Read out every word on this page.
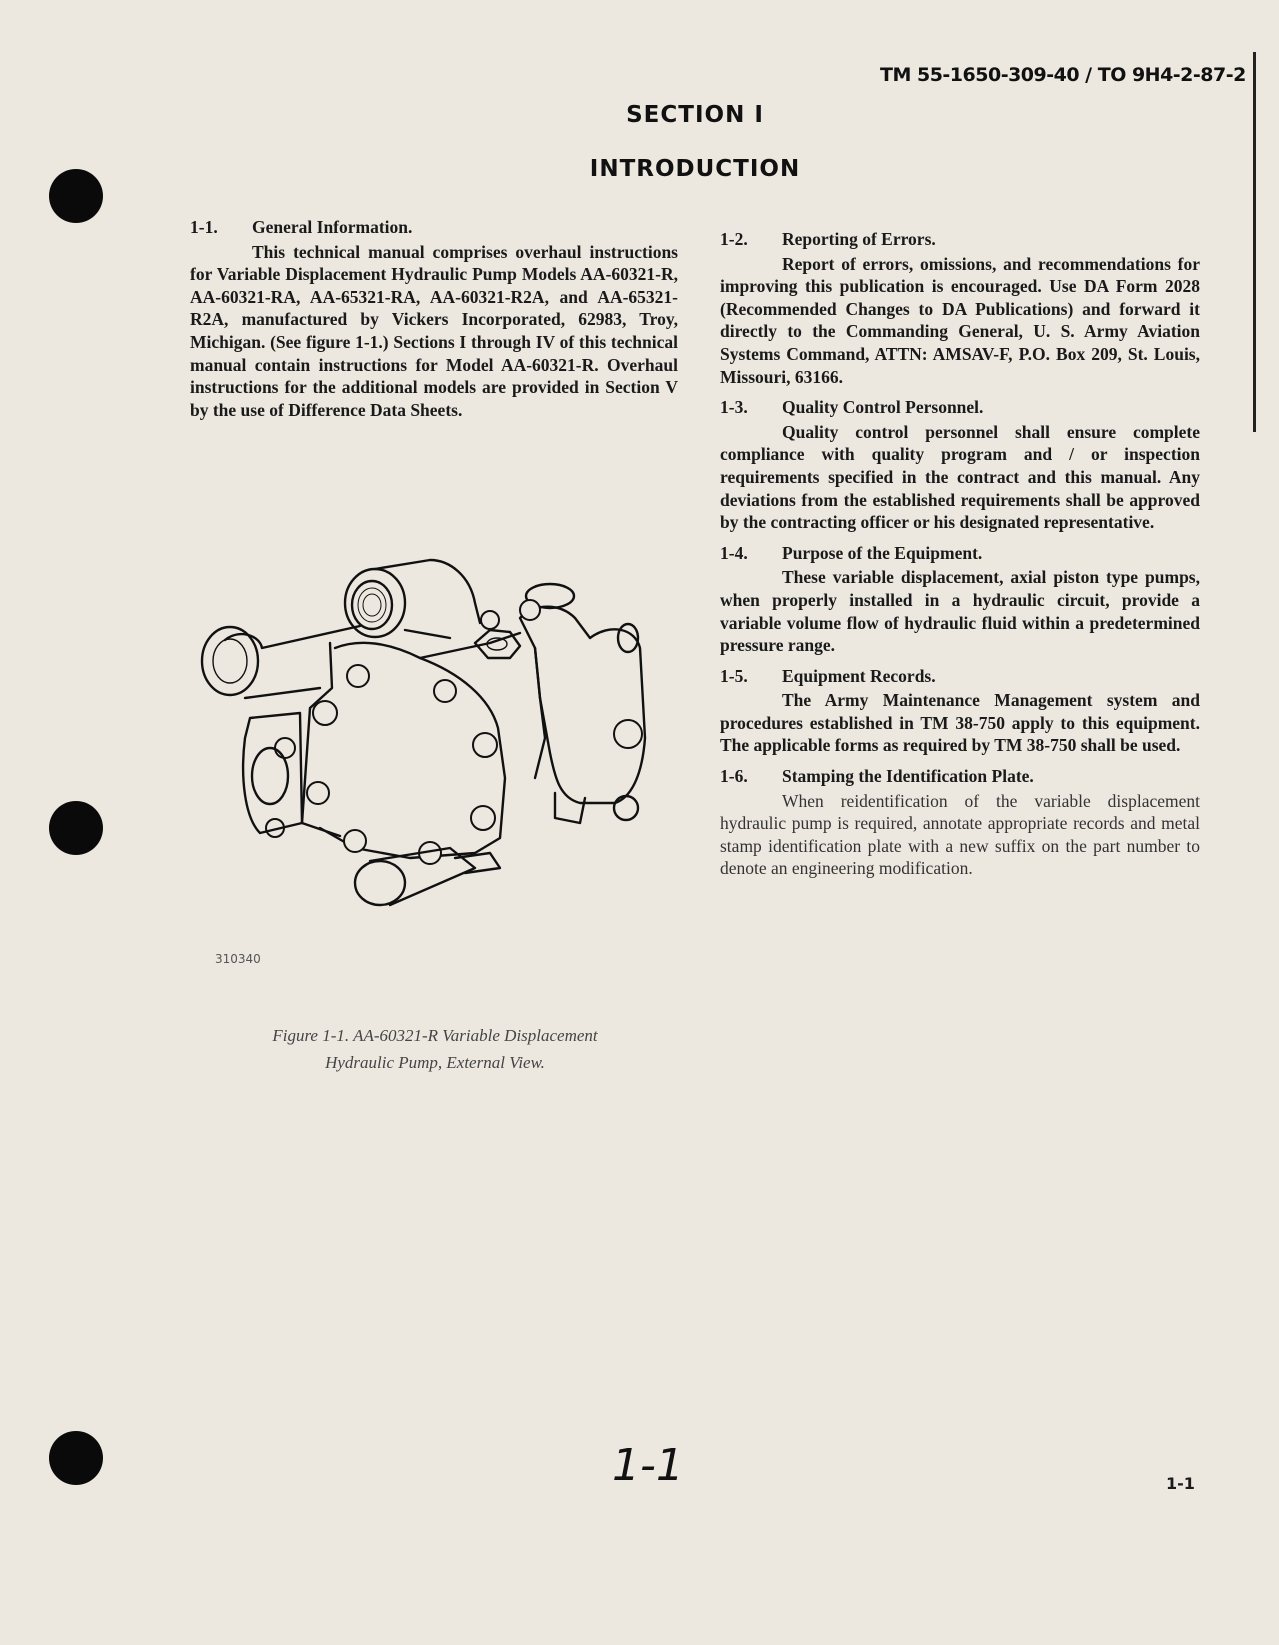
TM 55-1650-309-40 / TO 9H4-2-87-2
SECTION I
INTRODUCTION
1-1.	General Information.

This technical manual comprises overhaul instructions for Variable Displacement Hydraulic Pump Models AA-60321-R, AA-60321-RA, AA-65321-RA, AA-60321-R2A, and AA-65321-R2A, manufactured by Vickers Incorporated, 62983, Troy, Michigan. (See figure 1-1.) Sections I through IV of this technical manual contain instructions for Model AA-60321-R. Overhaul instructions for the additional models are provided in Section V by the use of Difference Data Sheets.

310340
Figure 1-1. AA-60321-R Variable Displacement
Hydraulic Pump, External View.
1-2.	Reporting of Errors.

Report of errors, omissions, and recommendations for improving this publication is encouraged. Use DA Form 2028 (Recommended Changes to DA Publications) and forward it directly to the Commanding General, U. S. Army Aviation Systems Command, ATTN: AMSAV-F, P.O. Box 209, St. Louis, Missouri, 63166.

1-3.	Quality Control Personnel.

Quality control personnel shall ensure complete compliance with quality program and / or inspection requirements specified in the contract and this manual. Any deviations from the established requirements shall be approved by the contracting officer or his designated representative.

1-4.	Purpose of the Equipment.

These variable displacement, axial piston type pumps, when properly installed in a hydraulic circuit, provide a variable volume flow of hydraulic fluid within a predetermined pressure range.

1-5.	Equipment Records.

The Army Maintenance Management system and procedures established in TM 38-750 apply to this equipment. The applicable forms as required by TM 38-750 shall be used.

1-6.	Stamping the Identification Plate.

When reidentification of the variable displacement hydraulic pump is required, annotate appropriate records and metal stamp identification plate with a new suffix on the part number to denote an engineering modification.

1-1	1-1
